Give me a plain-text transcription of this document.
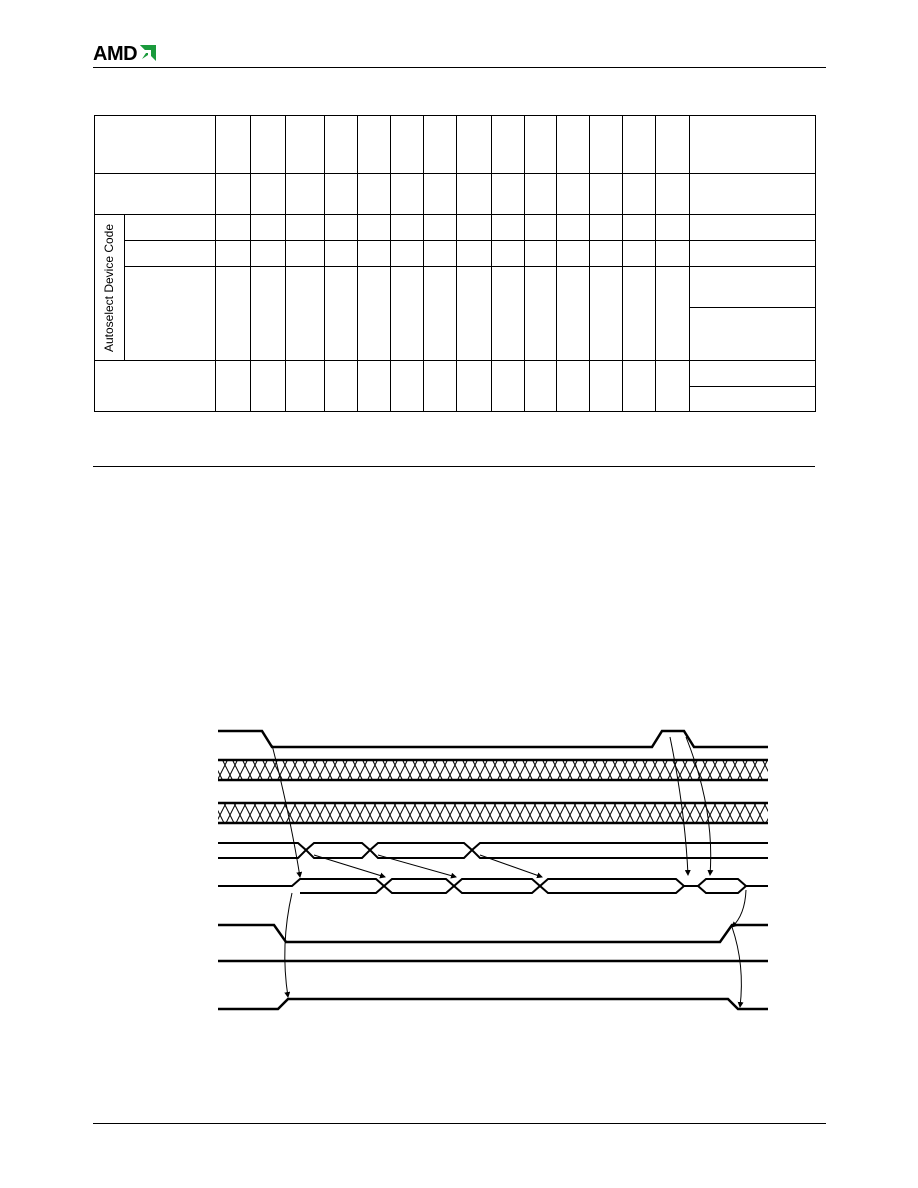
AMD
Autoselect Device Code
